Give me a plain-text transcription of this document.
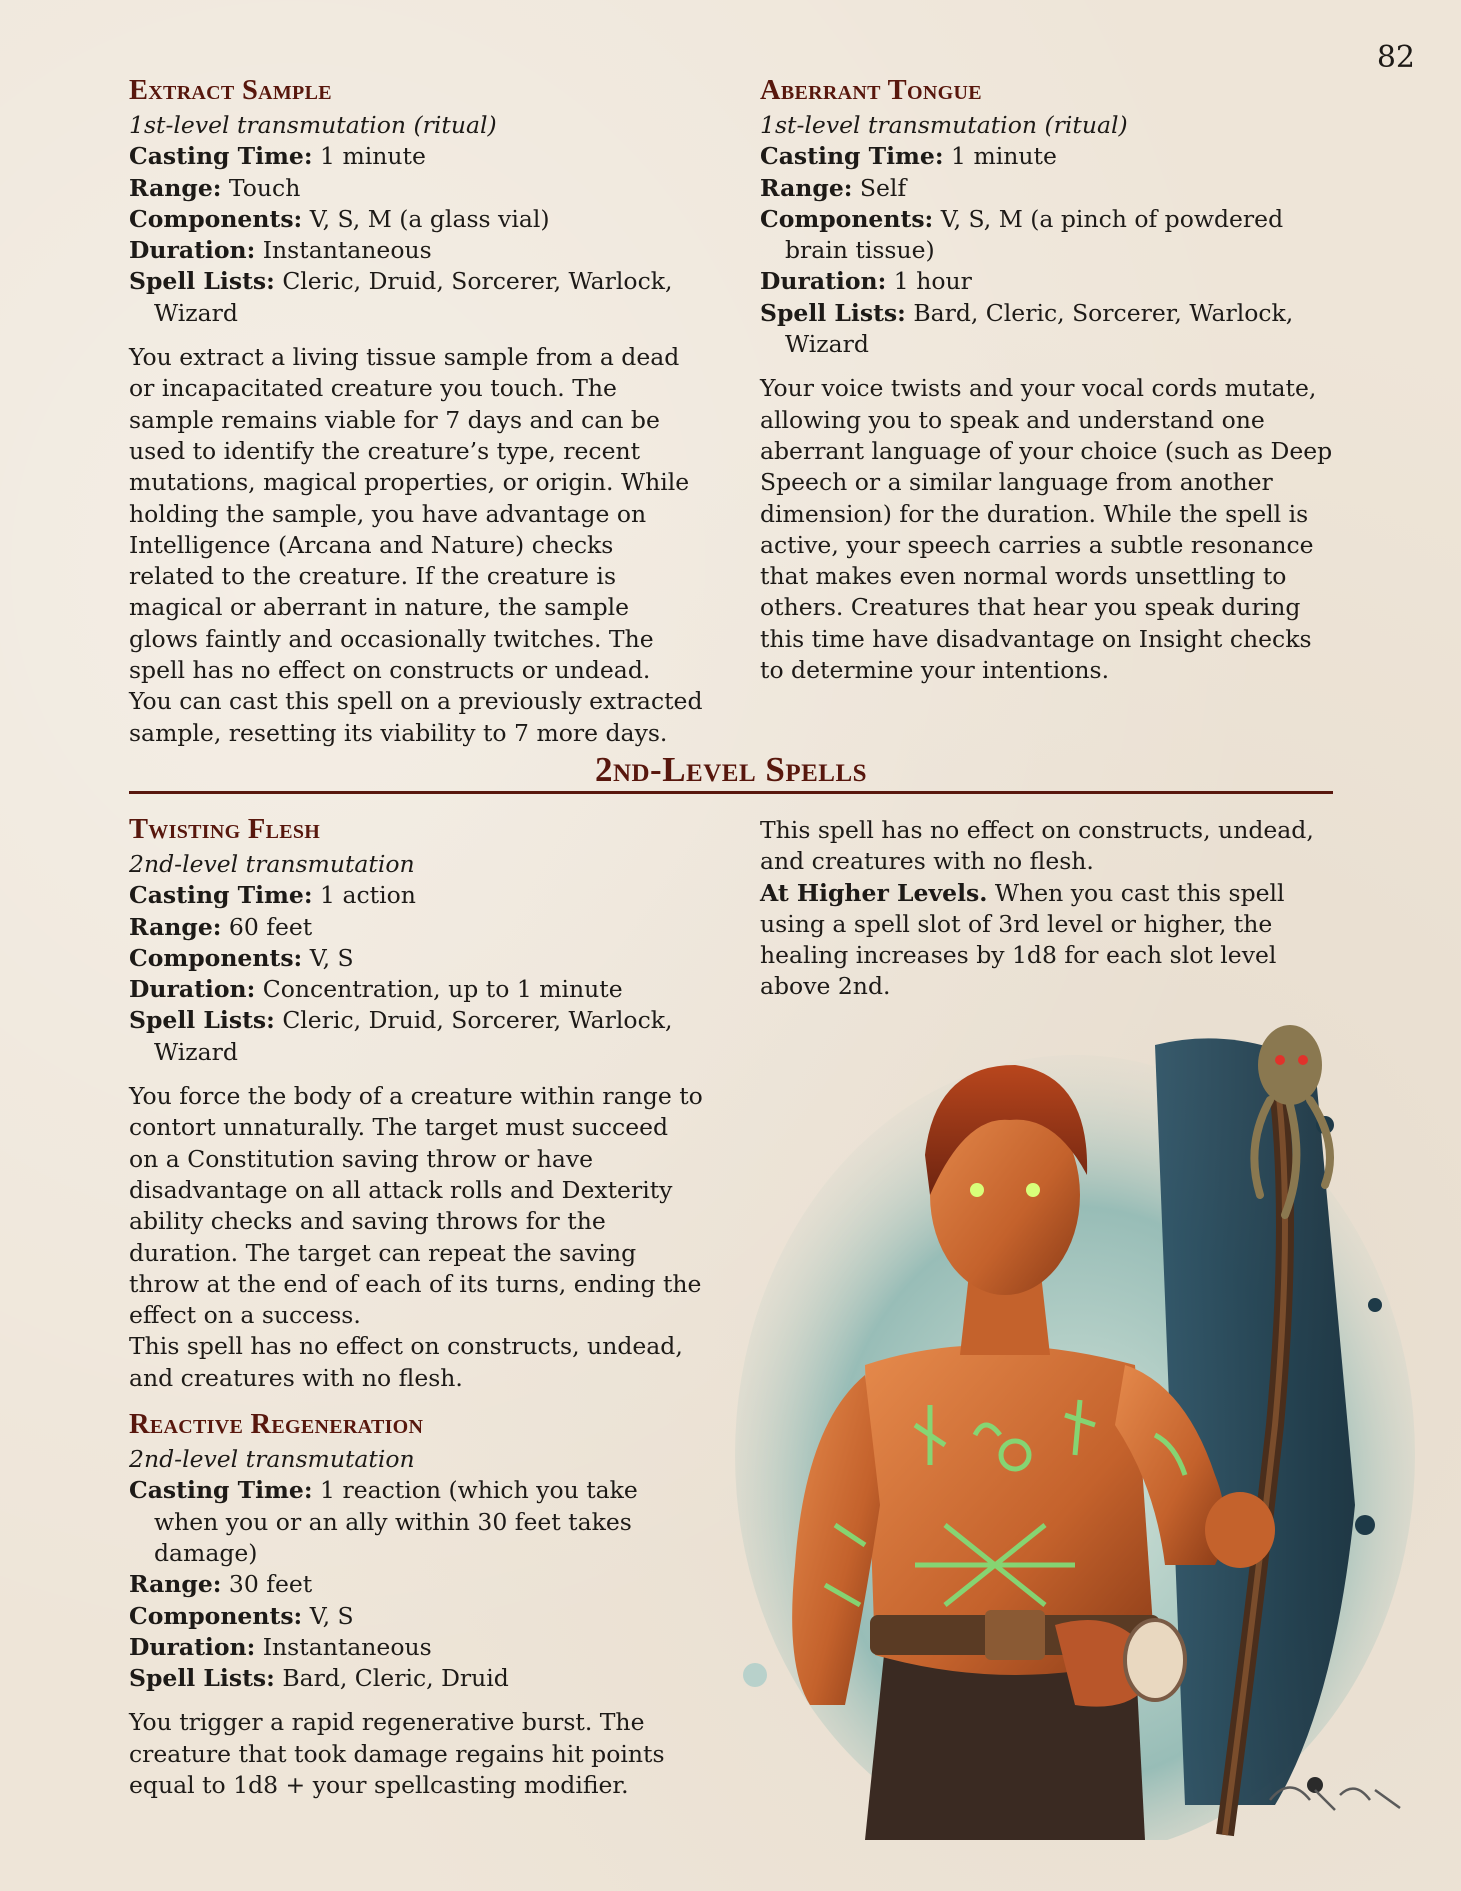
82
Extract Sample

1st-level transmutation (ritual)

Casting Time: 1 minute

Range: Touch

Components: V, S, M (a glass vial)

Duration: Instantaneous

Spell Lists: Cleric, Druid, Sorcerer, Warlock, Wizard

You extract a living tissue sample from a dead or incapacitated creature you touch. The sample remains viable for 7 days and can be used to identify the creature’s type, recent mutations, magical properties, or origin. While holding the sample, you have advantage on Intelligence (Arcana and Nature) checks related to the creature. If the creature is magical or aberrant in nature, the sample glows faintly and occasionally twitches. The spell has no effect on constructs or undead.

You can cast this spell on a previously extracted sample, resetting its viability to 7 more days.

Aberrant Tongue

1st-level transmutation (ritual)

Casting Time: 1 minute

Range: Self

Components: V, S, M (a pinch of powdered brain tissue)

Duration: 1 hour

Spell Lists: Bard, Cleric, Sorcerer, Warlock, Wizard

Your voice twists and your vocal cords mutate, allowing you to speak and understand one aberrant language of your choice (such as Deep Speech or a similar language from another dimension) for the duration. While the spell is active, your speech carries a subtle resonance that makes even normal words unsettling to others. Creatures that hear you speak during this time have disadvantage on Insight checks to determine your intentions.

2nd-Level Spells
Twisting Flesh

2nd-level transmutation

Casting Time: 1 action

Range: 60 feet

Components: V, S

Duration: Concentration, up to 1 minute

Spell Lists: Cleric, Druid, Sorcerer, Warlock, Wizard

You force the body of a creature within range to contort unnaturally. The target must succeed on a Constitution saving throw or have disadvantage on all attack rolls and Dexterity ability checks and saving throws for the duration. The target can repeat the saving throw at the end of each of its turns, ending the effect on a success.

This spell has no effect on constructs, undead, and creatures with no flesh.

Reactive Regeneration

2nd-level transmutation

Casting Time: 1 reaction (which you take when you or an ally within 30 feet takes damage)

Range: 30 feet

Components: V, S

Duration: Instantaneous

Spell Lists: Bard, Cleric, Druid

You trigger a rapid regenerative burst. The creature that took damage regains hit points equal to 1d8 + your spellcasting modifier.

This spell has no effect on constructs, undead, and creatures with no flesh.

At Higher Levels. When you cast this spell using a spell slot of 3rd level or higher, the healing increases by 1d8 for each slot level above 2nd.
